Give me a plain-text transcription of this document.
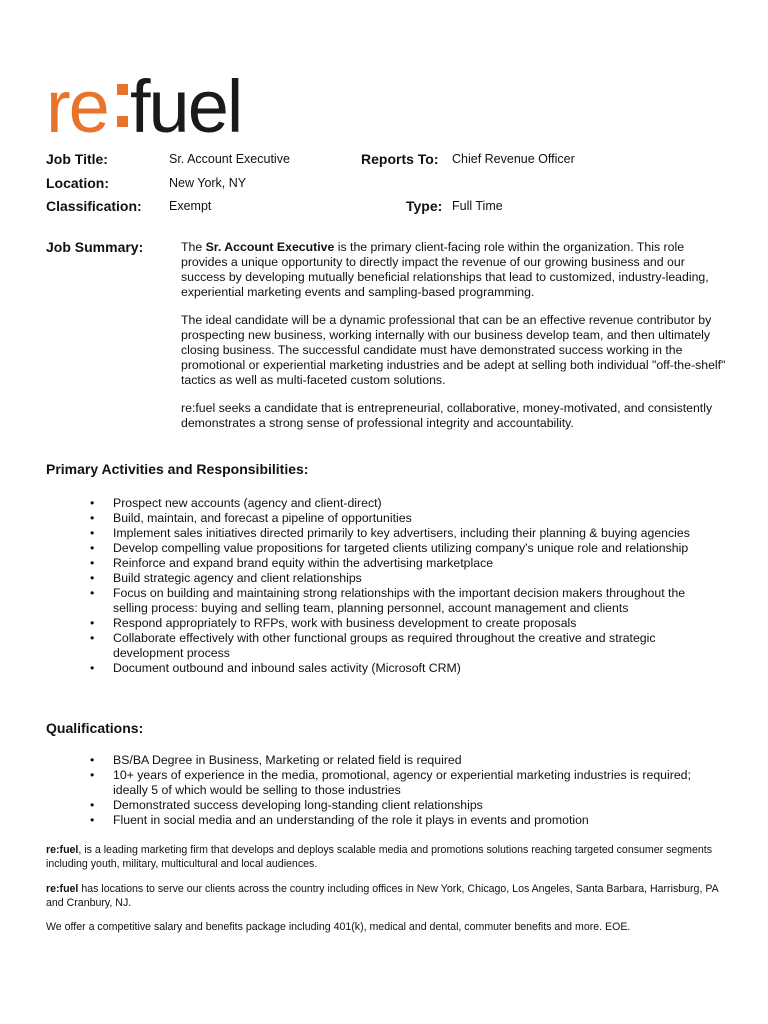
re fuel
Job Title:	Sr. Account Executive	Reports To: Chief Revenue Officer
Location:	New York, NY
Classification: Exempt	Type: Full Time
Job Summary:	The Sr. Account Executive is the primary client-facing role within the organization. This role provides a unique opportunity to directly impact the revenue of our growing business and our success by developing mutually beneficial relationships that lead to customized, industry-leading, experiential marketing events and sampling-based programming.

The ideal candidate will be a dynamic professional that can be an effective revenue contributor by prospecting new business, working internally with our business develop team, and then ultimately closing business. The successful candidate must have demonstrated success working in the promotional or experiential marketing industries and be adept at selling both individual "off-the-shelf" tactics as well as multi-faceted custom solutions.

re:fuel seeks a candidate that is entrepreneurial, collaborative, money-motivated, and consistently demonstrates a strong sense of professional integrity and accountability.

Primary Activities and Responsibilities:
• Prospect new accounts (agency and client-direct)
• Build, maintain, and forecast a pipeline of opportunities
• Implement sales initiatives directed primarily to key advertisers, including their planning & buying agencies
• Develop compelling value propositions for targeted clients utilizing company's unique role and relationship
• Reinforce and expand brand equity within the advertising marketplace
• Build strategic agency and client relationships
• Focus on building and maintaining strong relationships with the important decision makers throughout the selling process: buying and selling team, planning personnel, account management and clients
• Respond appropriately to RFPs, work with business development to create proposals
• Collaborate effectively with other functional groups as required throughout the creative and strategic development process
• Document outbound and inbound sales activity (Microsoft CRM)
Qualifications:
• BS/BA Degree in Business, Marketing or related field is required
• 10+ years of experience in the media, promotional, agency or experiential marketing industries is required; ideally 5 of which would be selling to those industries
• Demonstrated success developing long-standing client relationships
• Fluent in social media and an understanding of the role it plays in events and promotion
re:fuel, is a leading marketing firm that develops and deploys scalable media and promotions solutions reaching targeted consumer segments including youth, military, multicultural and local audiences.
re:fuel has locations to serve our clients across the country including offices in New York, Chicago, Los Angeles, Santa Barbara, Harrisburg, PA and Cranbury, NJ.
We offer a competitive salary and benefits package including 401(k), medical and dental, commuter benefits and more. EOE.
